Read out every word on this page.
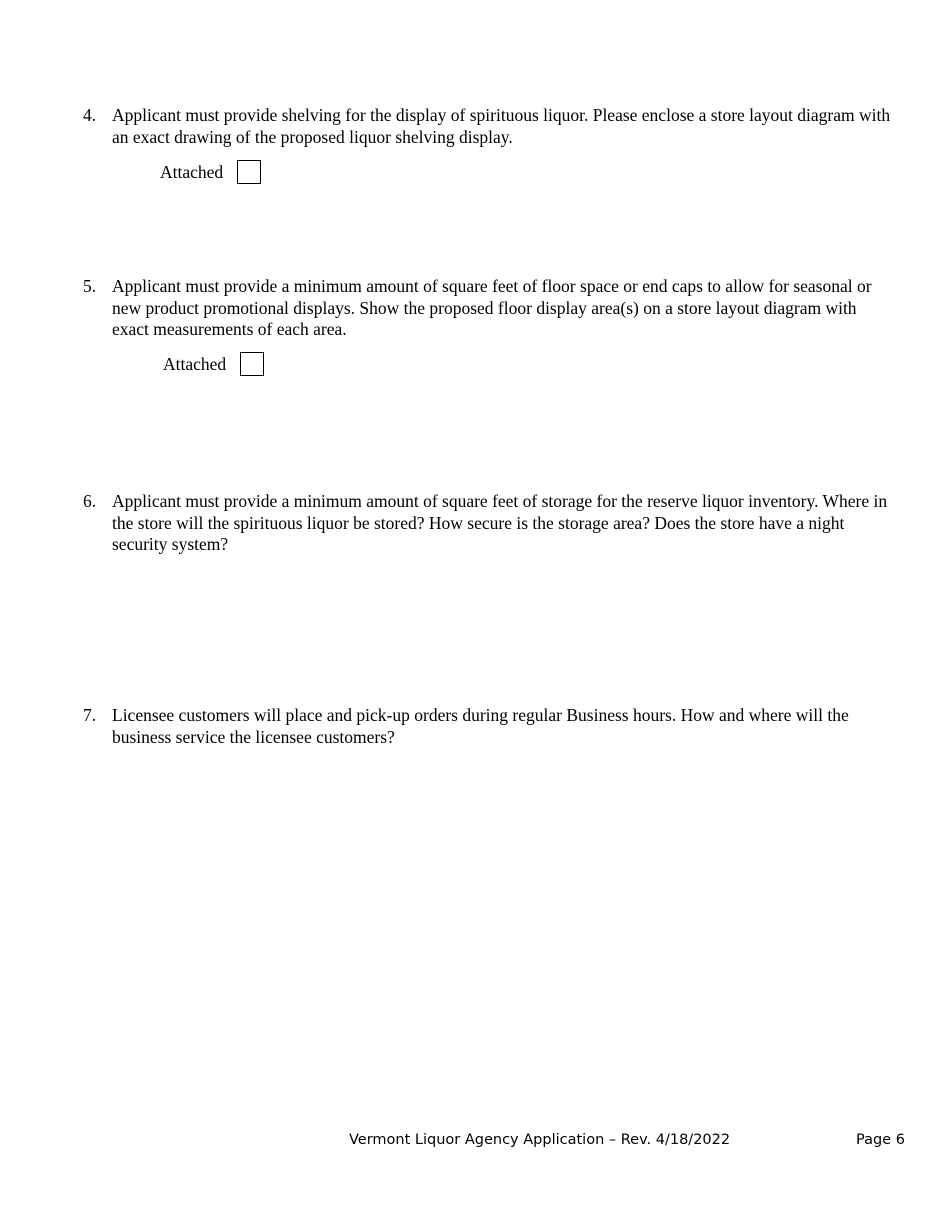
4. Applicant must provide shelving for the display of spirituous liquor. Please enclose a store layout diagram with an exact drawing of the proposed liquor shelving display.
Attached
5. Applicant must provide a minimum amount of square feet of floor space or end caps to allow for seasonal or new product promotional displays. Show the proposed floor display area(s) on a store layout diagram with exact measurements of each area.
Attached
6. Applicant must provide a minimum amount of square feet of storage for the reserve liquor inventory. Where in the store will the spirituous liquor be stored? How secure is the storage area? Does the store have a night security system?
7. Licensee customers will place and pick-up orders during regular Business hours. How and where will the business service the licensee customers?
Vermont Liquor Agency Application – Rev. 4/18/2022	Page 6
